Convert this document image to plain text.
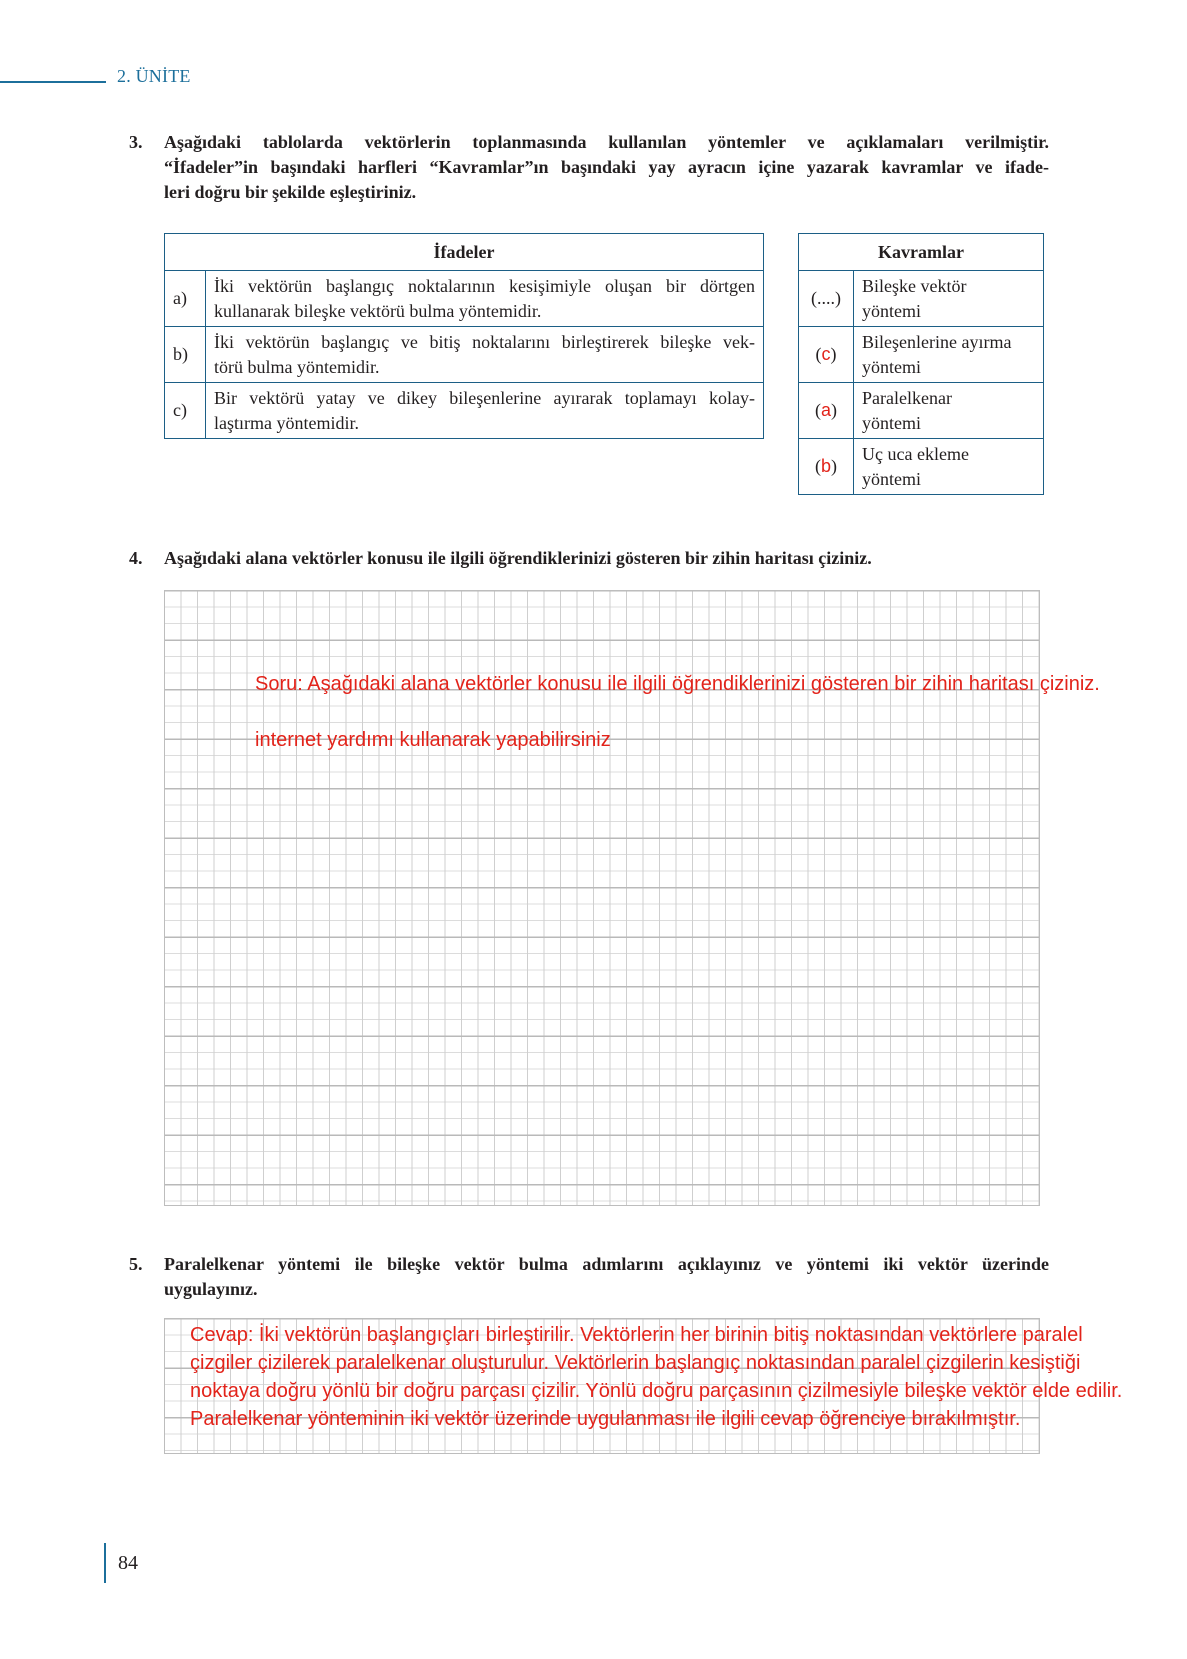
2. ÜNİTE
3. Aşağıdaki tablolarda vektörlerin toplanmasında kullanılan yöntemler ve açıklamaları verilmiştir.
“İfadeler”in başındaki harfleri “Kavramlar”ın başındaki yay ayracın içine yazarak kavramlar ve ifade-
leri doğru bir şekilde eşleştiriniz.
İfadeler	
a)	İki vektörün başlangıç noktalarının kesişimiyle oluşan bir dörtgen
kullanarak bileşke vektörü bulma yöntemidir.

b)	İki vektörün başlangıç ve bitiş noktalarını birleştirerek bileşke vek-
törü bulma yöntemidir.

c)	Bir vektörü yatay ve dikey bileşenlerine ayırarak toplamayı kolay-
laştırma yöntemidir.
Kavramlar	
(....)	Bileşke vektör
yöntemi

(c)	Bileşenlerine ayırma
yöntemi

(a)	Paralelkenar
yöntemi

(b)	Uç uca ekleme
yöntemi
4. Aşağıdaki alana vektörler konusu ile ilgili öğrendiklerinizi gösteren bir zihin haritası çiziniz.
Soru: Aşağıdaki alana vektörler konusu ile ilgili öğrendiklerinizi gösteren bir zihin haritası çiziniz.
internet yardımı kullanarak yapabilirsiniz
5. Paralelkenar yöntemi ile bileşke vektör bulma adımlarını açıklayınız ve yöntemi iki vektör üzerinde
uygulayınız.
Cevap: İki vektörün başlangıçları birleştirilir. Vektörlerin her birinin bitiş noktasından vektörlere paralel
çizgiler çizilerek paralelkenar oluşturulur. Vektörlerin başlangıç noktasından paralel çizgilerin kesiştiği
noktaya doğru yönlü bir doğru parçası çizilir. Yönlü doğru parçasının çizilmesiyle bileşke vektör elde edilir.
Paralelkenar yönteminin iki vektör üzerinde uygulanması ile ilgili cevap öğrenciye bırakılmıştır.
84
